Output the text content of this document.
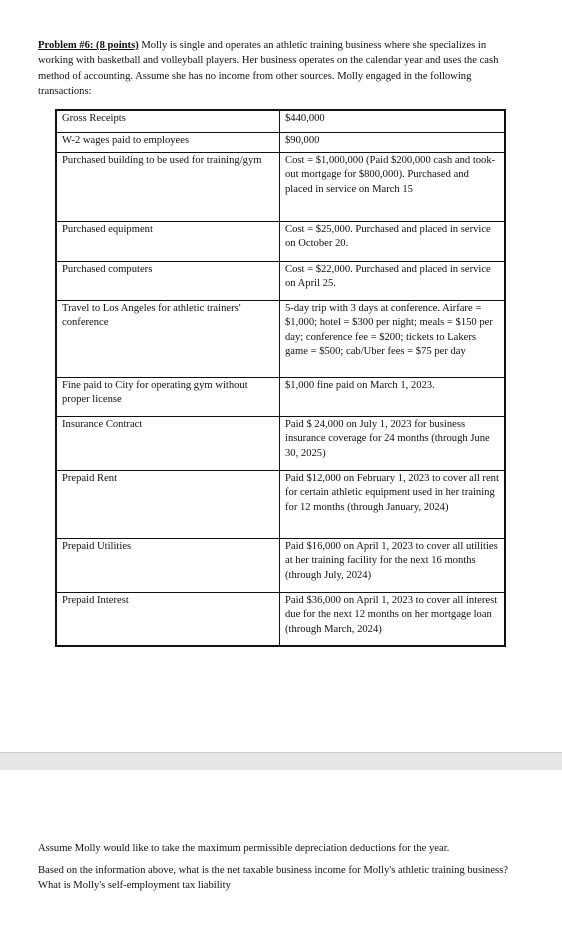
Problem #6: (8 points) Molly is single and operates an athletic training business where she specializes in working with basketball and volleyball players. Her business operates on the calendar year and uses the cash method of accounting. Assume she has no income from other sources. Molly engaged in the following transactions:
Gross Receipts	$440,000
W-2 wages paid to employees	$90,000
Purchased building to be used for training/gym	Cost = $1,000,000 (Paid $200,000 cash and took-out mortgage for $800,000). Purchased and placed in service on March 15
Purchased equipment	Cost = $25,000. Purchased and placed in service on October 20.
Purchased computers	Cost = $22,000. Purchased and placed in service on April 25.
Travel to Los Angeles for athletic trainers' conference	5-day trip with 3 days at conference. Airfare = $1,000; hotel = $300 per night; meals = $150 per day; conference fee = $200; tickets to Lakers game = $500; cab/Uber fees = $75 per day
Fine paid to City for operating gym without proper license	$1,000 fine paid on March 1, 2023.
Insurance Contract	Paid $ 24,000 on July 1, 2023 for business insurance coverage for 24 months (through June 30, 2025)
Prepaid Rent	Paid $12,000 on February 1, 2023 to cover all rent for certain athletic equipment used in her training for 12 months (through January, 2024)
Prepaid Utilities	Paid $16,000 on April 1, 2023 to cover all utilities at her training facility for the next 16 months (through July, 2024)
Prepaid Interest	Paid $36,000 on April 1, 2023 to cover all interest due for the next 12 months on her mortgage loan (through March, 2024)
Assume Molly would like to take the maximum permissible depreciation deductions for the year.
Based on the information above, what is the net taxable business income for Molly's athletic training business? What is Molly's self-employment tax liability
